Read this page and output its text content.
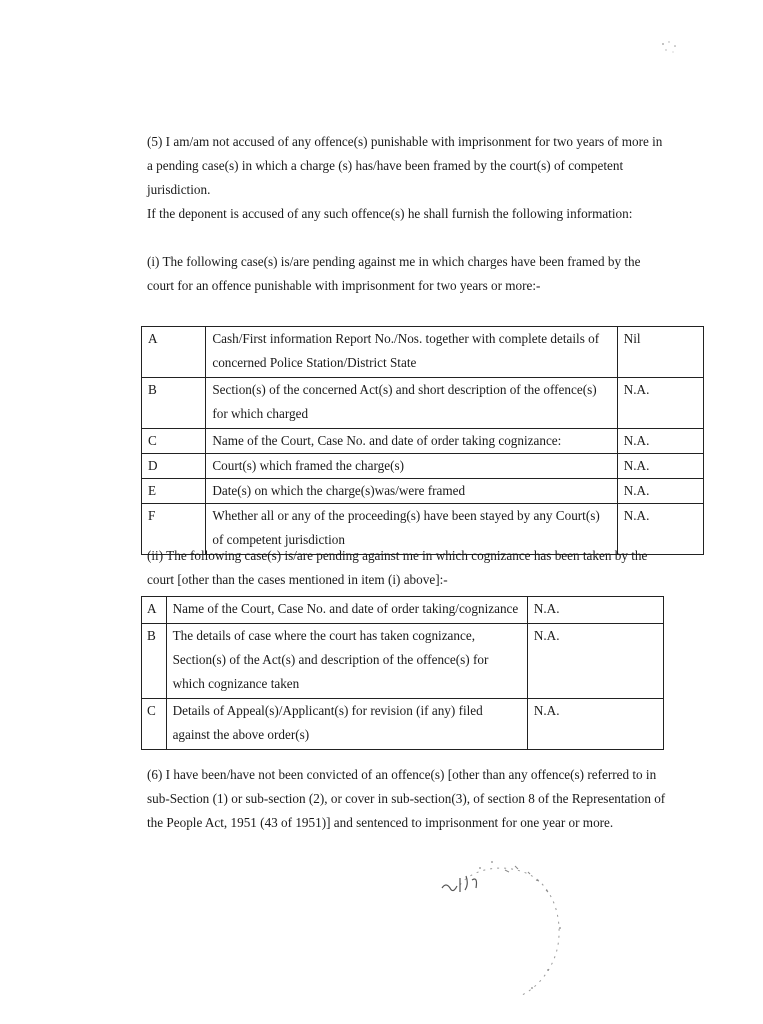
(5) I am/am not accused of any offence(s) punishable with imprisonment for two years of more in a pending case(s) in which a charge (s) has/have been framed by the court(s) of competent jurisdiction.

If the deponent is accused of any such offence(s) he shall furnish the following information:

(i) The following case(s) is/are pending against me in which charges have been framed by the court for an offence punishable with imprisonment for two years or more:-

A	Cash/First information Report No./Nos. together with complete details of concerned Police Station/District State	Nil
B	Section(s) of the concerned Act(s) and short description of the offence(s) for which charged	N.A.
C	Name of the Court, Case No. and date of order taking cognizance:	N.A.
D	Court(s) which framed the charge(s)	N.A.
E	Date(s) on which the charge(s)was/were framed	N.A.
F	Whether all or any of the proceeding(s) have been stayed by any Court(s) of competent jurisdiction	N.A.

(ii) The following case(s) is/are pending against me in which cognizance has been taken by the court [other than the cases mentioned in item (i) above]:-

A	Name of the Court, Case No. and date of order taking/cognizance	N.A.
B	The details of case where the court has taken cognizance, Section(s) of the Act(s) and description of the offence(s) for which cognizance taken	N.A.
C	Details of Appeal(s)/Applicant(s) for revision (if any) filed against the above order(s)	N.A.

(6) I have been/have not been convicted of an offence(s) [other than any offence(s) referred to in sub-Section (1) or sub-section (2), or cover in sub-section(3), of section 8 of the Representation of the People Act, 1951 (43 of 1951)] and sentenced to imprisonment for one year or more.
